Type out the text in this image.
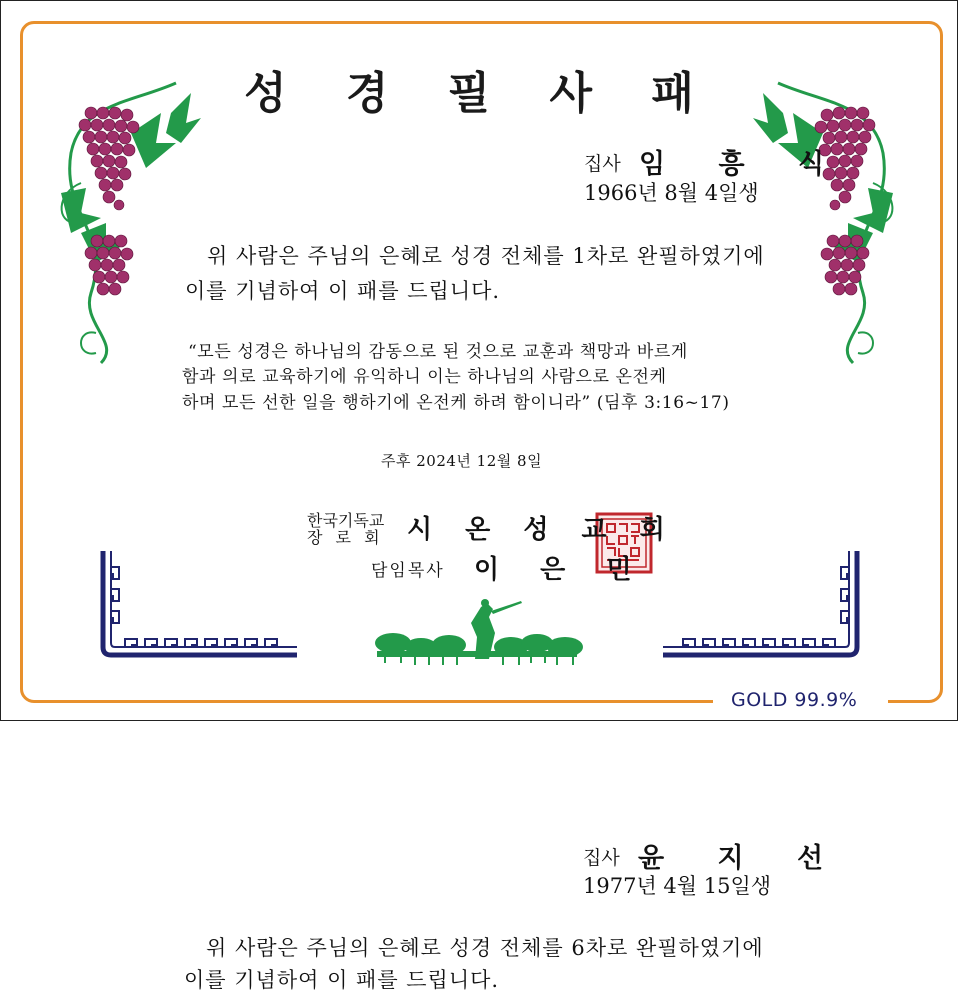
GOLD 99.9%
성 경 필 사 패
집사 임 흥 식
1966년 8월 4일생
위 사람은 주님의 은혜로 성경 전체를 1차로 완필하였기에
이를 기념하여 이 패를 드립니다.
“모든 성경은 하나님의 감동으로 된 것으로 교훈과 책망과 바르게
함과 의로 교육하기에 유익하니 이는 하나님의 사람으로 온전케
하며 모든 선한 일을 행하기에 온전케 하려 함이니라” (딤후 3:16~17)
주후 2024년 12월 8일
한국기독교
장 로 회 시 온 성 교 회
담임목사 이 은 민
집사 윤 지 선
1977년 4월 15일생
위 사람은 주님의 은혜로 성경 전체를 6차로 완필하였기에
이를 기념하여 이 패를 드립니다.
